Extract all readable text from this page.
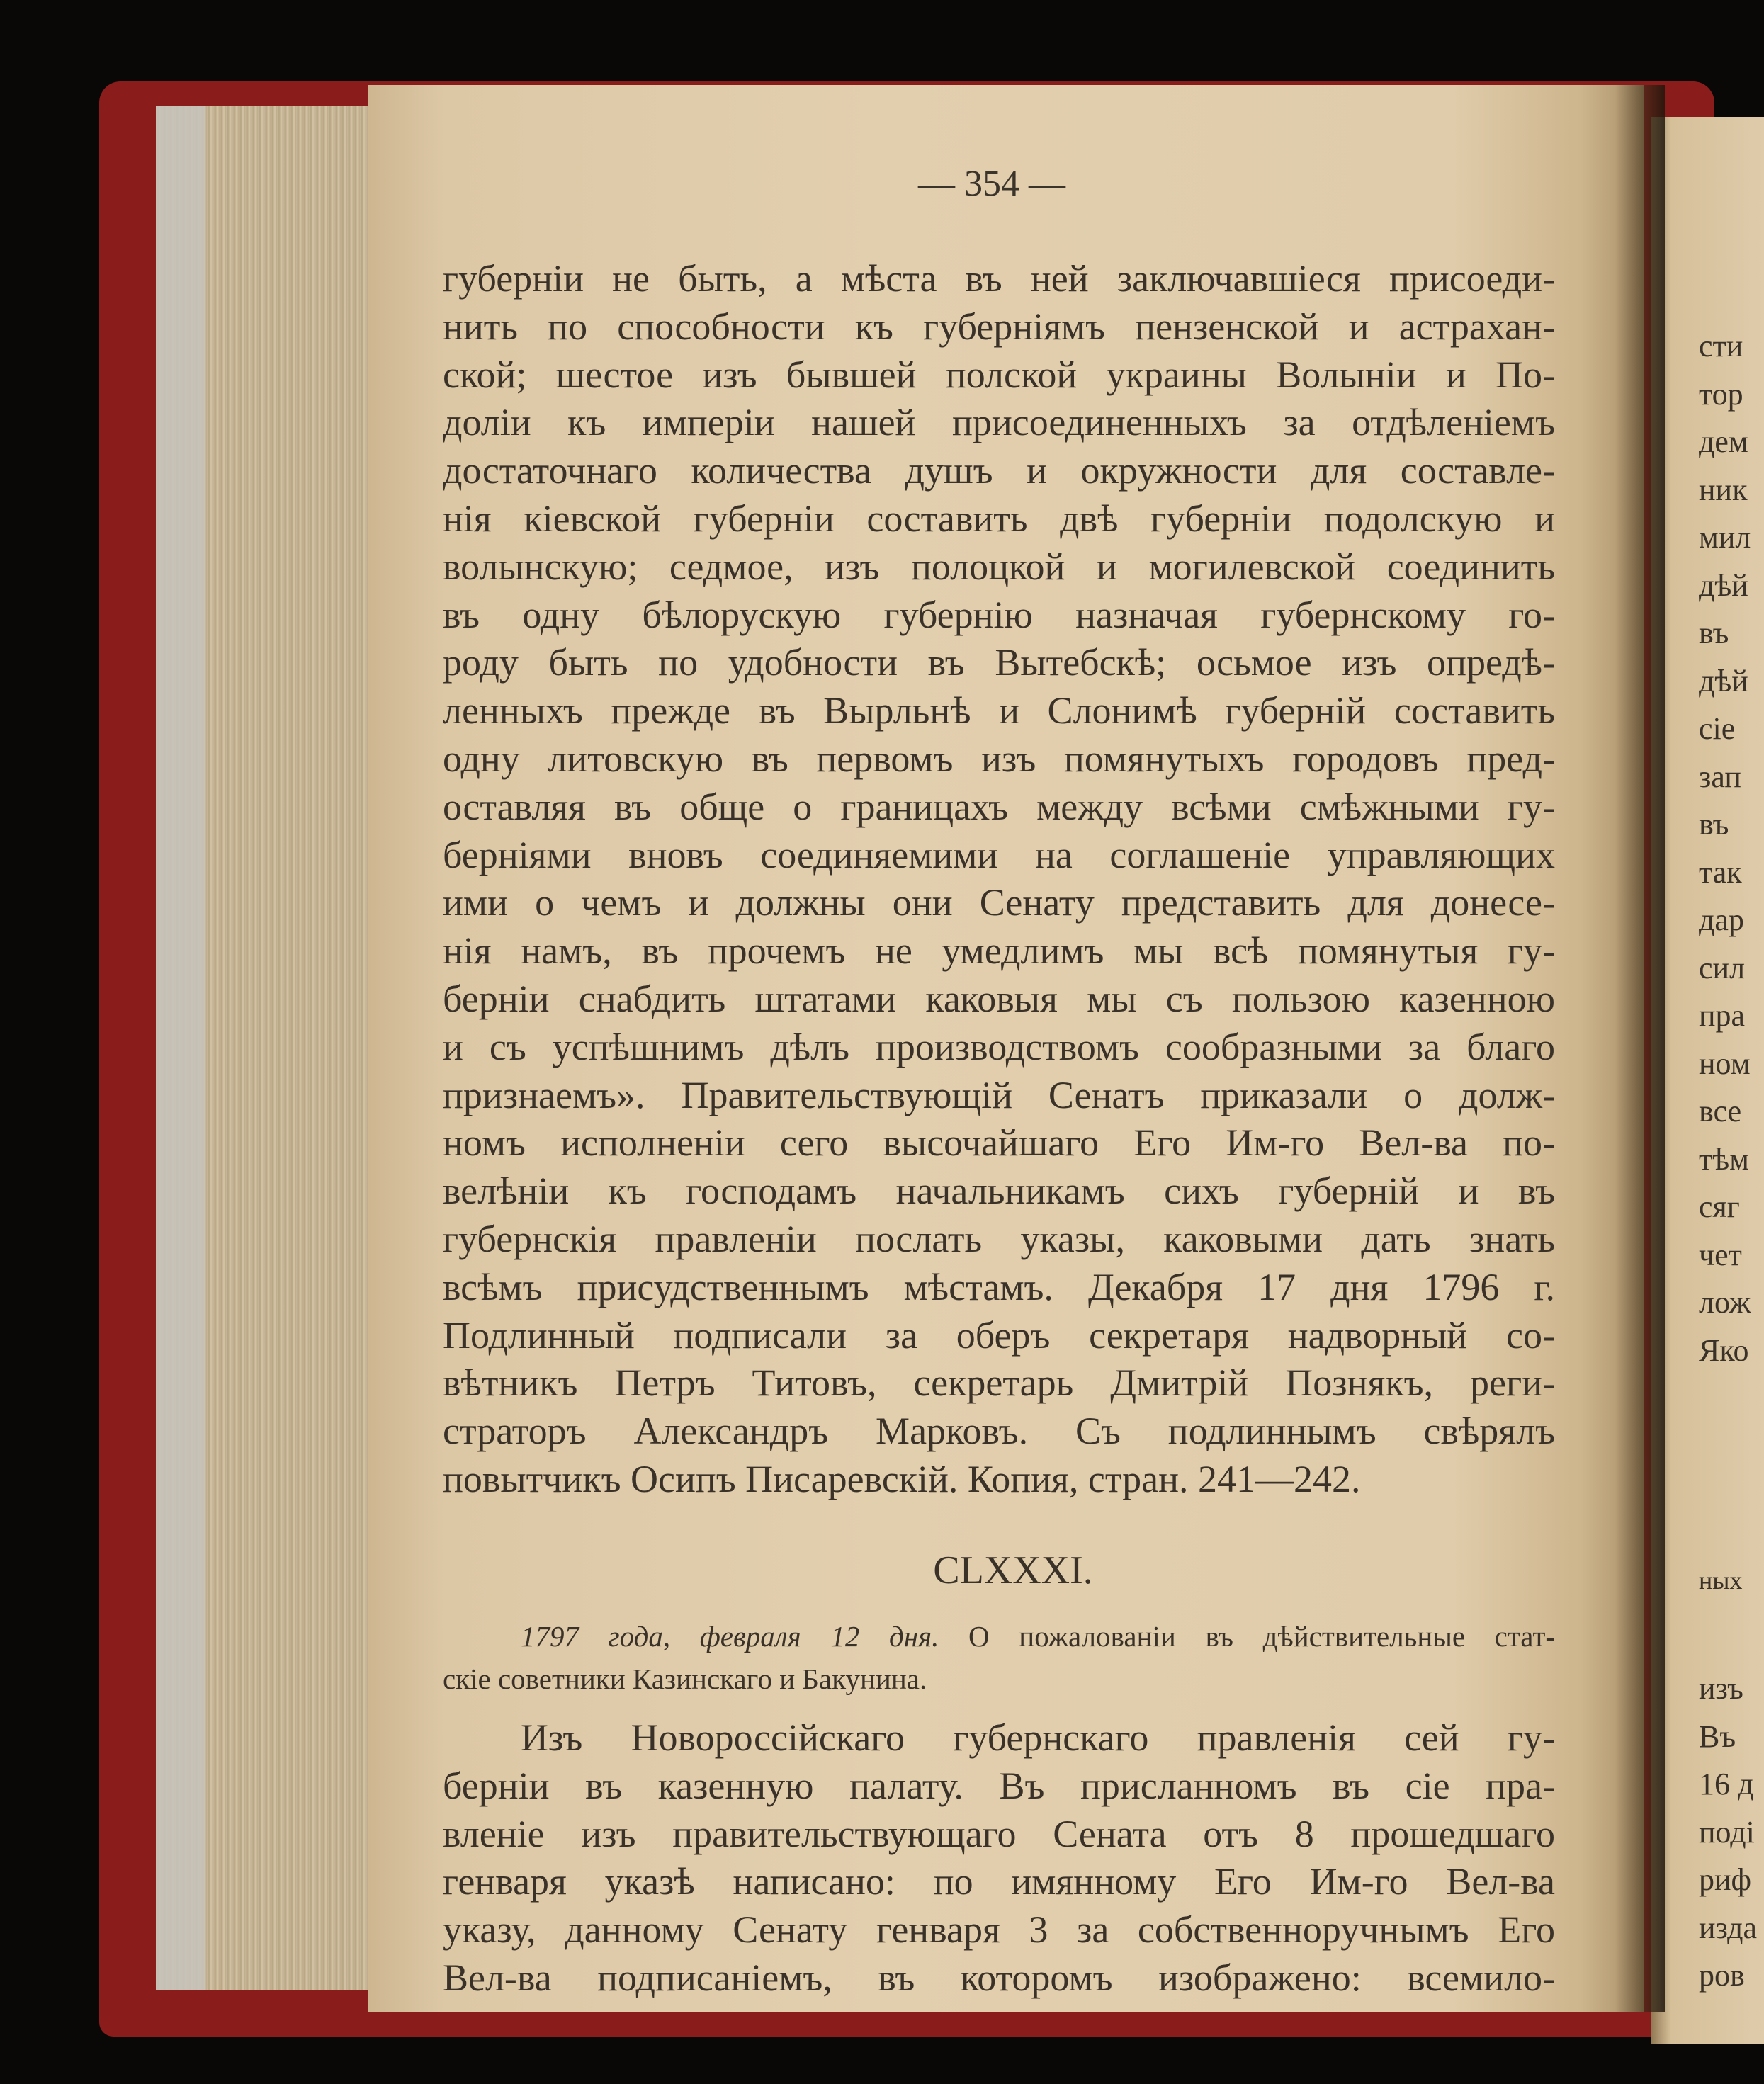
— 354 —
губерніи не быть, а мѣста въ ней заключавшіеся присоеди-
нить по способности къ губерніямъ пензенской и астрахан-
ской; шестое изъ бывшей полской украины Волыніи и По-
доліи къ имперіи нашей присоединенныхъ за отдѣленіемъ
достаточнаго количества душъ и окружности для составле-
нія кіевской губерніи составить двѣ губерніи подолскую и
волынскую; седмое, изъ полоцкой и могилевской соединить
въ одну бѣлорускую губернію назначая губернскому го-
роду быть по удобности въ Вытебскѣ; осьмое изъ опредѣ-
ленныхъ прежде въ Вырльнѣ и Слонимѣ губерній составить
одну литовскую въ первомъ изъ помянутыхъ городовъ пред-
оставляя въ обще о границахъ между всѣми смѣжными гу-
берніями вновъ соединяемими на соглашеніе управляющих
ими о чемъ и должны они Сенату представить для донесе-
нія намъ, въ прочемъ не умедлимъ мы всѣ помянутыя гу-
берніи снабдить штатами каковыя мы съ пользою казенною
и съ успѣшнимъ дѣлъ производствомъ сообразными за благо
признаемъ». Правительствующій Сенатъ приказали о долж-
номъ исполненіи сего высочайшаго Его Им-го Вел-ва по-
велѣніи къ господамъ начальникамъ сихъ губерній и въ
губернскія правленіи послать указы, каковыми дать знать
всѣмъ присудственнымъ мѣстамъ. Декабря 17 дня 1796 г.
Подлинный подписали за оберъ секретаря надворный со-
вѣтникъ Петръ Титовъ, секретарь Дмитрій Познякъ, реги-
страторъ Александръ Марковъ. Съ подлиннымъ свѣрялъ
повытчикъ Осипъ Писаревскій. Копия, стран. 241—242.
CLXXXI.
1797 года, февраля 12 дня. О пожалованіи въ дѣйствительные стат-
скіе советники Казинскаго и Бакунина.
Изъ Новороссійскаго губернскаго правленія сей гу-
берніи въ казенную палату. Въ присланномъ въ сіе пра-
вленіе изъ правительствующаго Сената отъ 8 прошедшаго
генваря указѣ написано: по имянному Его Им-го Вел-ва
указу, данному Сенату генваря 3 за собственноручнымъ Его
Вел-ва подписаніемъ, въ которомъ изображено: всемило-
сти
тор
дем
ник
мил
дѣй
въ
дѣй
сіе
зап
въ
так
дар
сил
пра
ном
все
тѣм
сяг
чет
лож
Яко
ных
изъ
Въ
16 д
поді
риф
изда
ров
